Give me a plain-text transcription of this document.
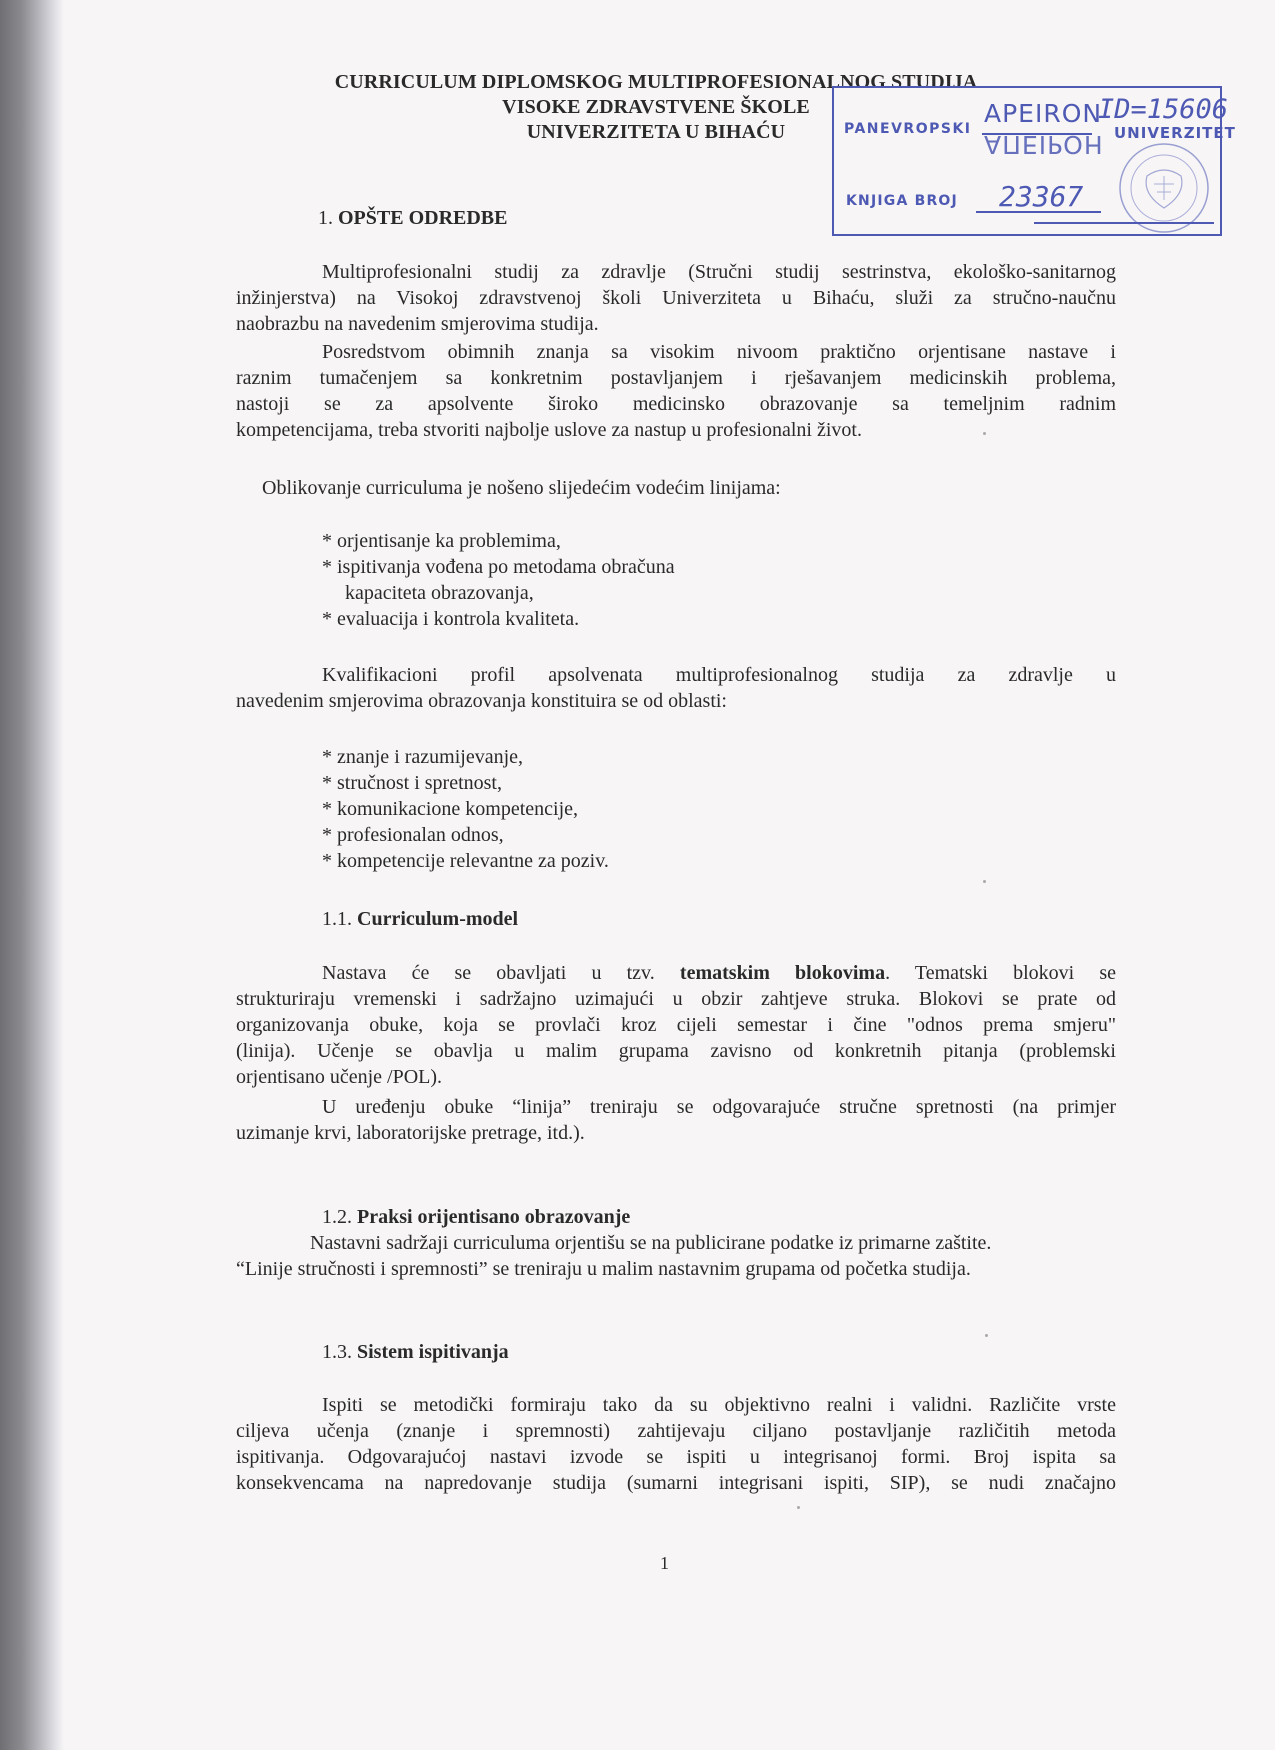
CURRICULUM DIPLOMSKOG MULTIPROFESIONALNOG STUDIJA
VISOKE ZDRAVSTVENE ŠKOLE
UNIVERZITETA U BIHAĆU
APEIRON
АПЕІРОН
PANEVROPSKI
ID=15606
UNIVERZITET
KNJIGA BROJ 23367
1. OPŠTE ODREDBE
Multiprofesionalni studij za zdravlje (Stručni studij sestrinstva, ekološko-sanitarnog
inžinjerstva) na Visokoj zdravstvenoj školi Univerziteta u Bihaću, služi za stručno-naučnu
naobrazbu na navedenim smjerovima studija.
Posredstvom obimnih znanja sa visokim nivoom praktično orjentisane nastave i
raznim tumačenjem sa konkretnim postavljanjem i rješavanjem medicinskih problema,
nastoji se za apsolvente široko medicinsko obrazovanje sa temeljnim radnim
kompetencijama, treba stvoriti najbolje uslove za nastup u profesionalni život.
Oblikovanje curriculuma je nošeno slijedećim vodećim linijama:
* orjentisanje ka problemima,
* ispitivanja vođena po metodama obračuna
kapaciteta obrazovanja,
* evaluacija i kontrola kvaliteta.
Kvalifikacioni profil apsolvenata multiprofesionalnog studija za zdravlje u
navedenim smjerovima obrazovanja konstituira se od oblasti:
* znanje i razumijevanje,
* stručnost i spretnost,
* komunikacione kompetencije,
* profesionalan odnos,
* kompetencije relevantne za poziv.
1.1. Curriculum-model
Nastava će se obavljati u tzv. tematskim blokovima. Tematski blokovi se
strukturiraju vremenski i sadržajno uzimajući u obzir zahtjeve struka. Blokovi se prate od
organizovanja obuke, koja se provlači kroz cijeli semestar i čine "odnos prema smjeru"
(linija). Učenje se obavlja u malim grupama zavisno od konkretnih pitanja (problemski
orjentisano učenje /POL).
U uređenju obuke “linija” treniraju se odgovarajuće stručne spretnosti (na primjer
uzimanje krvi, laboratorijske pretrage, itd.).
1.2. Praksi orijentisano obrazovanje
Nastavni sadržaji curriculuma orjentišu se na publicirane podatke iz primarne zaštite.
“Linije stručnosti i spremnosti” se treniraju u malim nastavnim grupama od početka studija.
1.3. Sistem ispitivanja
Ispiti se metodički formiraju tako da su objektivno realni i validni. Različite vrste
ciljeva učenja (znanje i spremnosti) zahtijevaju ciljano postavljanje različitih metoda
ispitivanja. Odgovarajućoj nastavi izvode se ispiti u integrisanoj formi. Broj ispita sa
konsekvencama na napredovanje studija (sumarni integrisani ispiti, SIP), se nudi značajno
1
